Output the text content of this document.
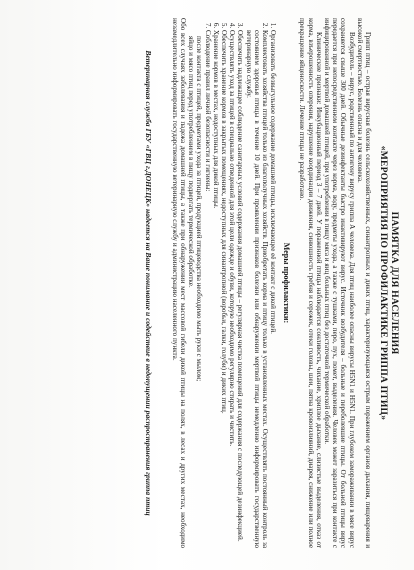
ПАМЯТКА ДЛЯ НАСЕЛЕНИЯ
«МЕРОПРИЯТИЯ ПО ПРОФИЛАКТИКЕ ГРИППА ПТИЦ»

Грипп птиц – острая вирусная болезнь сельскохозяйственных, синантропных и диких птиц, характеризующаяся острым поражением органов дыхания, пищеварения и высокой смертностью. Болезнь опасна и для человека.

Возбудитель – вирус, родственный по антигену вирусу гриппа А человека. Для птиц наиболее опасны вирусы H5N1 и H5N1. При глубоком замораживании в мясе вирус сохраняется свыше 300 дней. Обычные дезинфектанты быстро инактивируют вирус. Источник возбудителя – больные и переболевшие птицы. От больной птицы вирус передается при непосредственном контакте через корма, воду, предметы ухода, а также с тушками, перо, пух, помет, выделения. Человек может заразиться при контакте с инфицированной и мертвой домашней птицей, при употреблении в пищу мяса и яиц больных птиц без достаточной термической обработки.

Клинические признаки: Инкубационный период 3 – 7 дней. У пораженной птицы наблюдается сонливость, чихание, хриплое дыхание, слизистые выделения, отказ от корма, взъерошенность оперения, нарушение координации движения, синюшность гребня и сережек, отеки головы, шеи, пятна кровоизлияний, диарея, снижение или полное прекращение яйценоскости. Лечение птицы не разработано.

Меры профилактики:
1. Организовать безвыгульное содержание домашней птицы, исключающее её контакт с дикой птицей.
2. Комплектовать хозяйства птицей только из благополучных хозяйств. Приобретать корма и птицу только в установленных местах. Осуществлять постоянный контроль за состоянием здоровья птицы в течение 10 дней. При проявлении признаков болезни или обнаружении мертвой птицы немедленно информировать государственную ветеринарную службу.
3. Обеспечить надлежащее соблюдение санитарных условий содержания домашней птицы – регулярная чистка помещений для содержания с последующей дезинфекцией.
4. Осуществлять уход за птицей в специально отведенной для этой цели одежде и обуви, которую необходимо регулярно стирать и чистить.
5. Обеспечить хранение кормов в закрытых помещениях, недоступных для синантропной (воробьи, галки, голуби) и диких птиц.
6. Хранение кормов в местах, недоступных для дикой птицы.
7. Соблюдение правил личной безопасности и гигиены:

после контакта с птицей, предметами ухода за птицей, продукцией птицеводства необходимо мыть руки с мылом;

яйцо и мясо птиц перед употреблением в пищу подвергать термической обработке.

Обо всех случаях заболевания и падежа домашней птицы, а также при обнаружении мест массовой гибели дикой птицы на полях, в лесах и других местах, необходимо незамедлительно информировать государственную ветеринарную службу и администрацию населенного пункта.

Ветеринарная служба ГБУ «ГВЦ г.ДОНЕЦК» надеется на Ваше понимание и содействие в недопущении распространения гриппа птиц
